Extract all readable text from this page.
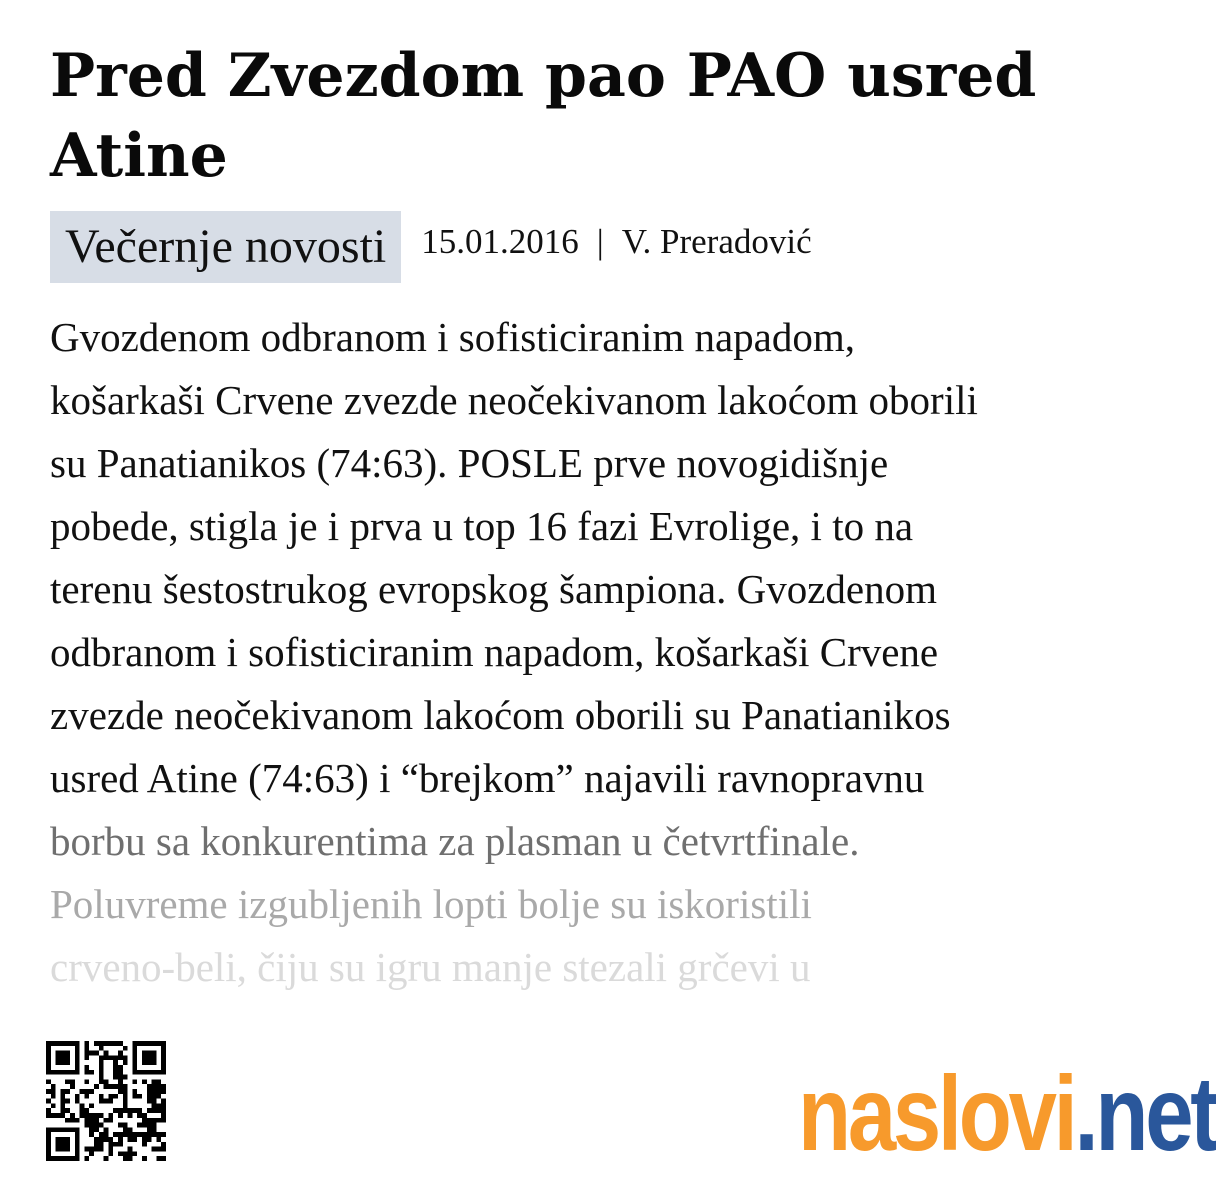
Pred Zvezdom pao PAO usred Atine
Večernje novosti	15.01.2016 | V. Preradović
Gvozdenom odbranom i sofisticiranim napadom,
košarkaši Crvene zvezde neočekivanom lakoćom oborili
su Panatianikos (74:63). POSLE prve novogidišnje
pobede, stigla je i prva u top 16 fazi Evrolige, i to na
terenu šestostrukog evropskog šampiona. Gvozdenom
odbranom i sofisticiranim napadom, košarkaši Crvene
zvezde neočekivanom lakoćom oborili su Panatianikos
usred Atine (74:63) i “brejkom” najavili ravnopravnu
borbu sa konkurentima za plasman u četvrtfinale.
Poluvreme izgubljenih lopti bolje su iskoristili
crveno-beli, čiju su igru manje stezali grčevi u
naslovi.net
